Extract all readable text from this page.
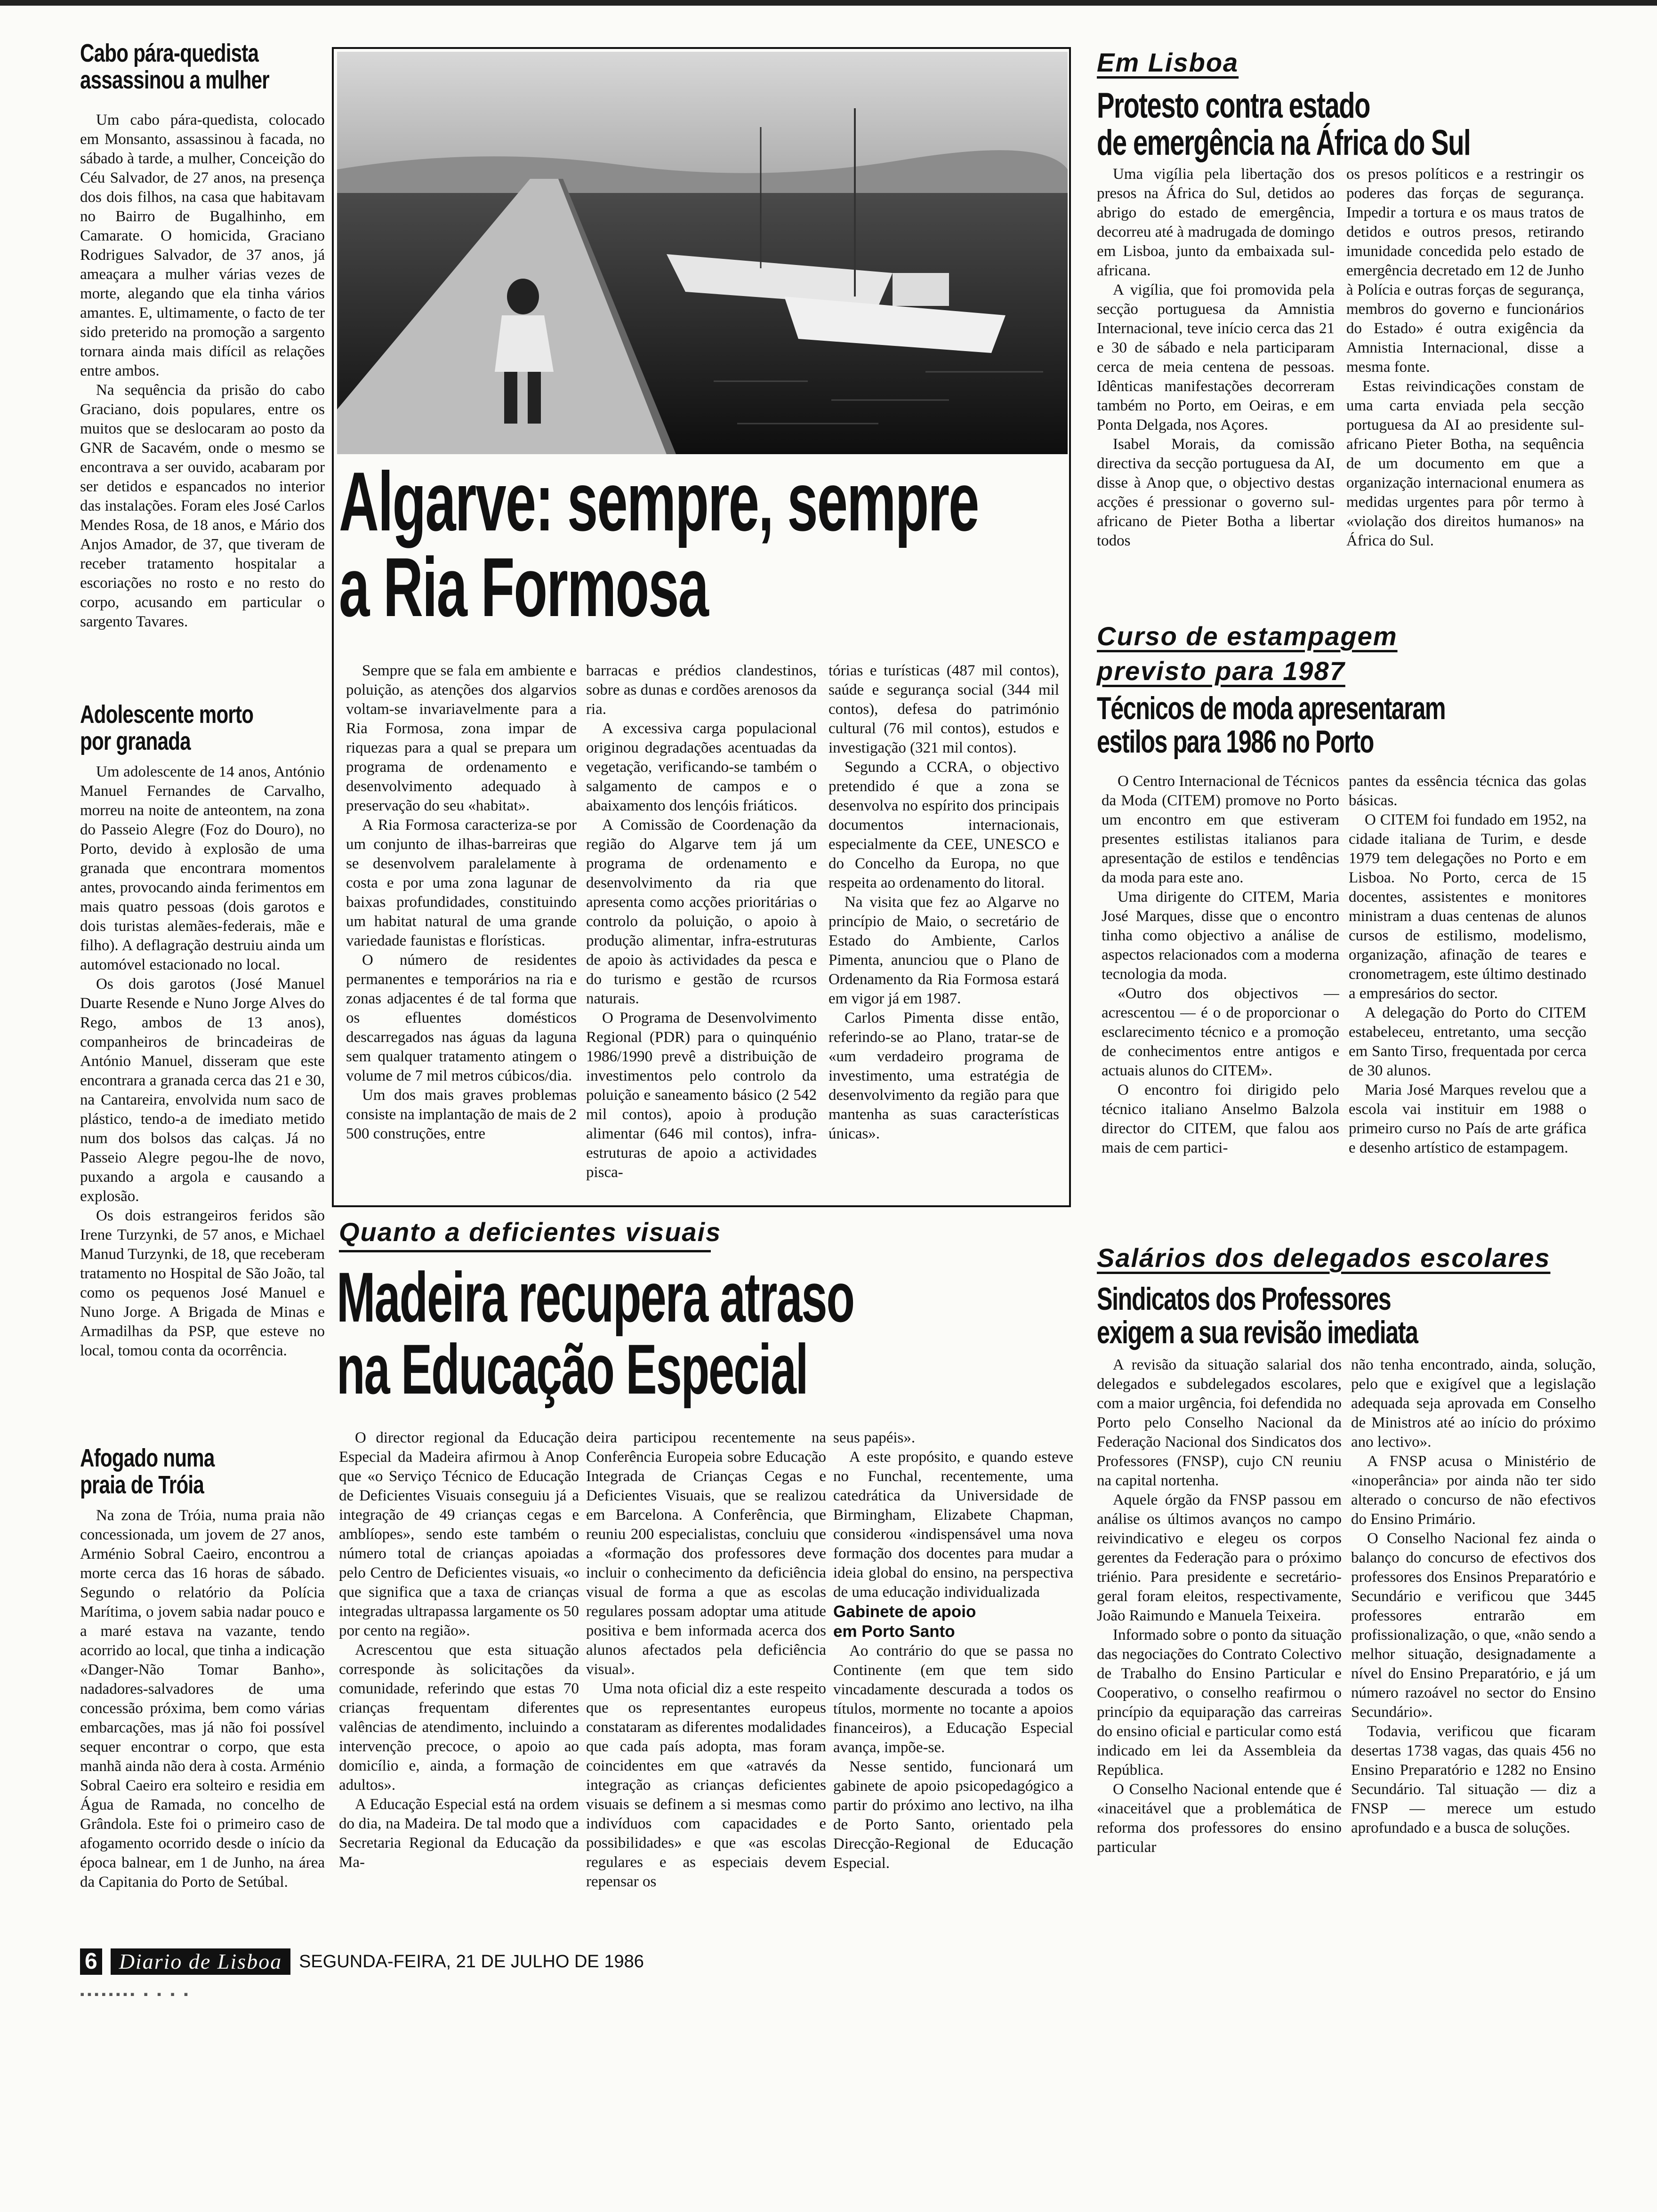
Cabo pára-quedista
assassinou a mulher

Um cabo pára-quedista, colocado em Monsanto, assassinou à facada, no sábado à tarde, a mulher, Conceição do Céu Salvador, de 27 anos, na presença dos dois filhos, na casa que habitavam no Bairro de Bugalhinho, em Camarate. O homicida, Graciano Rodrigues Salvador, de 37 anos, já ameaçara a mulher várias vezes de morte, alegando que ela tinha vários amantes. E, ultimamente, o facto de ter sido preterido na promoção a sargento tornara ainda mais difícil as relações entre ambos.

Na sequência da prisão do cabo Graciano, dois populares, entre os muitos que se deslocaram ao posto da GNR de Sacavém, onde o mesmo se encontrava a ser ouvido, acabaram por ser detidos e espancados no interior das instalações. Foram eles José Carlos Mendes Rosa, de 18 anos, e Mário dos Anjos Amador, de 37, que tiveram de receber tratamento hospitalar a escoriações no rosto e no resto do corpo, acusando em particular o sargento Tavares.

Adolescente morto
por granada

Um adolescente de 14 anos, António Manuel Fernandes de Carvalho, morreu na noite de anteontem, na zona do Passeio Alegre (Foz do Douro), no Porto, devido à explosão de uma granada que encontrara momentos antes, provocando ainda ferimentos em mais quatro pessoas (dois garotos e dois turistas alemães-federais, mãe e filho). A deflagração destruiu ainda um automóvel estacionado no local.

Os dois garotos (José Manuel Duarte Resende e Nuno Jorge Alves do Rego, ambos de 13 anos), companheiros de brincadeiras de António Manuel, disseram que este encontrara a granada cerca das 21 e 30, na Cantareira, envolvida num saco de plástico, tendo-a de imediato metido num dos bolsos das calças. Já no Passeio Alegre pegou-lhe de novo, puxando a argola e causando a explosão.

Os dois estrangeiros feridos são Irene Turzynki, de 57 anos, e Michael Manud Turzynki, de 18, que receberam tratamento no Hospital de São João, tal como os pequenos José Manuel e Nuno Jorge. A Brigada de Minas e Armadilhas da PSP, que esteve no local, tomou conta da ocorrência.

Afogado numa
praia de Tróia

Na zona de Tróia, numa praia não concessionada, um jovem de 27 anos, Arménio Sobral Caeiro, encontrou a morte cerca das 16 horas de sábado. Segundo o relatório da Polícia Marítima, o jovem sabia nadar pouco e a maré estava na vazante, tendo acorrido ao local, que tinha a indicação «Danger-Não Tomar Banho», nadadores-salvadores de uma concessão próxima, bem como várias embarcações, mas já não foi possível sequer encontrar o corpo, que esta manhã ainda não dera à costa. Arménio Sobral Caeiro era solteiro e residia em Água de Ramada, no concelho de Grândola. Este foi o primeiro caso de afogamento ocorrido desde o início da época balnear, em 1 de Junho, na área da Capitania do Porto de Setúbal.

Algarve: sempre, sempre
a Ria Formosa

Sempre que se fala em ambiente e poluição, as atenções dos algarvios voltam-se invariavelmente para a Ria Formosa, zona impar de riquezas para a qual se prepara um programa de ordenamento e desenvolvimento adequado à preservação do seu «habitat».

A Ria Formosa caracteriza-se por um conjunto de ilhas-barreiras que se desenvolvem paralelamente à costa e por uma zona lagunar de baixas profundidades, constituindo um habitat natural de uma grande variedade faunistas e florísticas.

O número de residentes permanentes e temporários na ria e zonas adjacentes é de tal forma que os efluentes domésticos descarregados nas águas da laguna sem qualquer tratamento atingem o volume de 7 mil metros cúbicos/dia.

Um dos mais graves problemas consiste na implantação de mais de 2 500 construções, entre

barracas e prédios clandestinos, sobre as dunas e cordões arenosos da ria.

A excessiva carga populacional originou degradações acentuadas da vegetação, verificando-se também o salgamento de campos e o abaixamento dos lençóis friáticos.

A Comissão de Coordenação da região do Algarve tem já um programa de ordenamento e desenvolvimento da ria que apresenta como acções prioritárias o controlo da poluição, o apoio à produção alimentar, infra-estruturas de apoio às actividades da pesca e do turismo e gestão de rcursos naturais.

O Programa de Desenvolvimento Regional (PDR) para o quinquénio 1986/1990 prevê a distribuição de investimentos pelo controlo da poluição e saneamento básico (2 542 mil contos), apoio à produção alimentar (646 mil contos), infra-estruturas de apoio a actividades pisca-

tórias e turísticas (487 mil contos), saúde e segurança social (344 mil contos), defesa do património cultural (76 mil contos), estudos e investigação (321 mil contos).

Segundo a CCRA, o objectivo pretendido é que a zona se desenvolva no espírito dos principais documentos internacionais, especialmente da CEE, UNESCO e do Concelho da Europa, no que respeita ao ordenamento do litoral.

Na visita que fez ao Algarve no princípio de Maio, o secretário de Estado do Ambiente, Carlos Pimenta, anunciou que o Plano de Ordenamento da Ria Formosa estará em vigor já em 1987.

Carlos Pimenta disse então, referindo-se ao Plano, tratar-se de «um verdadeiro programa de investimento, uma estratégia de desenvolvimento da região para que mantenha as suas características únicas».

Quanto a deficientes visuais
Madeira recupera atraso
na Educação Especial

O director regional da Educação Especial da Madeira afirmou à Anop que «o Serviço Técnico de Educação de Deficientes Visuais conseguiu já a integração de 49 crianças cegas e amblíopes», sendo este também o número total de crianças apoiadas pelo Centro de Deficientes visuais, «o que significa que a taxa de crianças integradas ultrapassa largamente os 50 por cento na região».

Acrescentou que esta situação corresponde às solicitações da comunidade, referindo que estas 70 crianças frequentam diferentes valências de atendimento, incluindo a intervenção precoce, o apoio ao domicílio e, ainda, a formação de adultos».

A Educação Especial está na ordem do dia, na Madeira. De tal modo que a Secretaria Regional da Educação da Ma-

deira participou recentemente na Conferência Europeia sobre Educação Integrada de Crianças Cegas e Deficientes Visuais, que se realizou em Barcelona. A Conferência, que reuniu 200 especialistas, concluiu que a «formação dos professores deve incluir o conhecimento da deficiência visual de forma a que as escolas regulares possam adoptar uma atitude positiva e bem informada acerca dos alunos afectados pela deficiência visual».

Uma nota oficial diz a este respeito que os representantes europeus constataram as diferentes modalidades que cada país adopta, mas foram coincidentes em que «através da integração as crianças deficientes visuais se definem a si mesmas como indivíduos com capacidades e possibilidades» e que «as escolas regulares e as especiais devem repensar os

seus papéis».

A este propósito, e quando esteve no Funchal, recentemente, uma catedrática da Universidade de Birmingham, Elizabete Chapman, considerou «indispensável uma nova formação dos docentes para mudar a ideia global do ensino, na perspectiva de uma educação individualizada

Gabinete de apoio
em Porto Santo

Ao contrário do que se passa no Continente (em que tem sido vincadamente descurada a todos os títulos, mormente no tocante a apoios financeiros), a Educação Especial avança, impõe-se.

Nesse sentido, funcionará um gabinete de apoio psicopedagógico a partir do próximo ano lectivo, na ilha de Porto Santo, orientado pela Direcção-Regional de Educação Especial.

Em Lisboa
Protesto contra estado
de emergência na África do Sul

Uma vigília pela libertação dos presos na África do Sul, detidos ao abrigo do estado de emergência, decorreu até à madrugada de domingo em Lisboa, junto da embaixada sul-africana.

A vigília, que foi promovida pela secção portuguesa da Amnistia Internacional, teve início cerca das 21 e 30 de sábado e nela participaram cerca de meia centena de pessoas. Idênticas manifestações decorreram também no Porto, em Oeiras, e em Ponta Delgada, nos Açores.

Isabel Morais, da comissão directiva da secção portuguesa da AI, disse à Anop que, o objectivo destas acções é pressionar o governo sul-africano de Pieter Botha a libertar todos

os presos políticos e a restringir os poderes das forças de segurança. Impedir a tortura e os maus tratos de detidos e outros presos, retirando imunidade concedida pelo estado de emergência decretado em 12 de Junho à Polícia e outras forças de segurança, membros do governo e funcionários do Estado» é outra exigência da Amnistia Internacional, disse a mesma fonte.

Estas reivindicações constam de uma carta enviada pela secção portuguesa da AI ao presidente sul-africano Pieter Botha, na sequência de um documento em que a organização internacional enumera as medidas urgentes para pôr termo à «violação dos direitos humanos» na África do Sul.

Curso de estampagem
previsto para 1987
Técnicos de moda apresentaram
estilos para 1986 no Porto

O Centro Internacional de Técnicos da Moda (CITEM) promove no Porto um encontro em que estiveram presentes estilistas italianos para apresentação de estilos e tendências da moda para este ano.

Uma dirigente do CITEM, Maria José Marques, disse que o encontro tinha como objectivo a análise de aspectos relacionados com a moderna tecnologia da moda.

«Outro dos objectivos — acrescentou — é o de proporcionar o esclarecimento técnico e a promoção de conhecimentos entre antigos e actuais alunos do CITEM».

O encontro foi dirigido pelo técnico italiano Anselmo Balzola director do CITEM, que falou aos mais de cem partici-

pantes da essência técnica das golas básicas.

O CITEM foi fundado em 1952, na cidade italiana de Turim, e desde 1979 tem delegações no Porto e em Lisboa. No Porto, cerca de 15 docentes, assistentes e monitores ministram a duas centenas de alunos cursos de estilismo, modelismo, organização, afinação de teares e cronometragem, este último destinado a empresários do sector.

A delegação do Porto do CITEM estabeleceu, entretanto, uma secção em Santo Tirso, frequentada por cerca de 30 alunos.

Maria José Marques revelou que a escola vai instituir em 1988 o primeiro curso no País de arte gráfica e desenho artístico de estampagem.

Salários dos delegados escolares
Sindicatos dos Professores
exigem a sua revisão imediata

A revisão da situação salarial dos delegados e subdelegados escolares, com a maior urgência, foi defendida no Porto pelo Conselho Nacional da Federação Nacional dos Sindicatos dos Professores (FNSP), cujo CN reuniu na capital nortenha.

Aquele órgão da FNSP passou em análise os últimos avanços no campo reivindicativo e elegeu os corpos gerentes da Federação para o próximo triénio. Para presidente e secretário-geral foram eleitos, respectivamente, João Raimundo e Manuela Teixeira.

Informado sobre o ponto da situação das negociações do Contrato Colectivo de Trabalho do Ensino Particular e Cooperativo, o conselho reafirmou o princípio da equiparação das carreiras do ensino oficial e particular como está indicado em lei da Assembleia da República.

O Conselho Nacional entende que é «inaceitável que a problemática de reforma dos professores do ensino particular

não tenha encontrado, ainda, solução, pelo que e exigível que a legislação adequada seja aprovada em Conselho de Ministros até ao início do próximo ano lectivo».

A FNSP acusa o Ministério de «inoperância» por ainda não ter sido alterado o concurso de não efectivos do Ensino Primário.

O Conselho Nacional fez ainda o balanço do concurso de efectivos dos professores dos Ensinos Preparatório e Secundário e verificou que 3445 professores entrarão em profissionalização, o que, «não sendo a melhor situação, designadamente a nível do Ensino Preparatório, e já um número razoável no sector do Ensino Secundário».

Todavia, verificou que ficaram desertas 1738 vagas, das quais 456 no Ensino Preparatório e 1282 no Ensino Secundário. Tal situação — diz a FNSP — merece um estudo aprofundado e a busca de soluções.

6	Diario de Lisboa SEGUNDA-FEIRA, 21 DE JULHO DE 1986
▪▪▪▪▪▪▪▪ ▪ ▪ ▪ ▪
